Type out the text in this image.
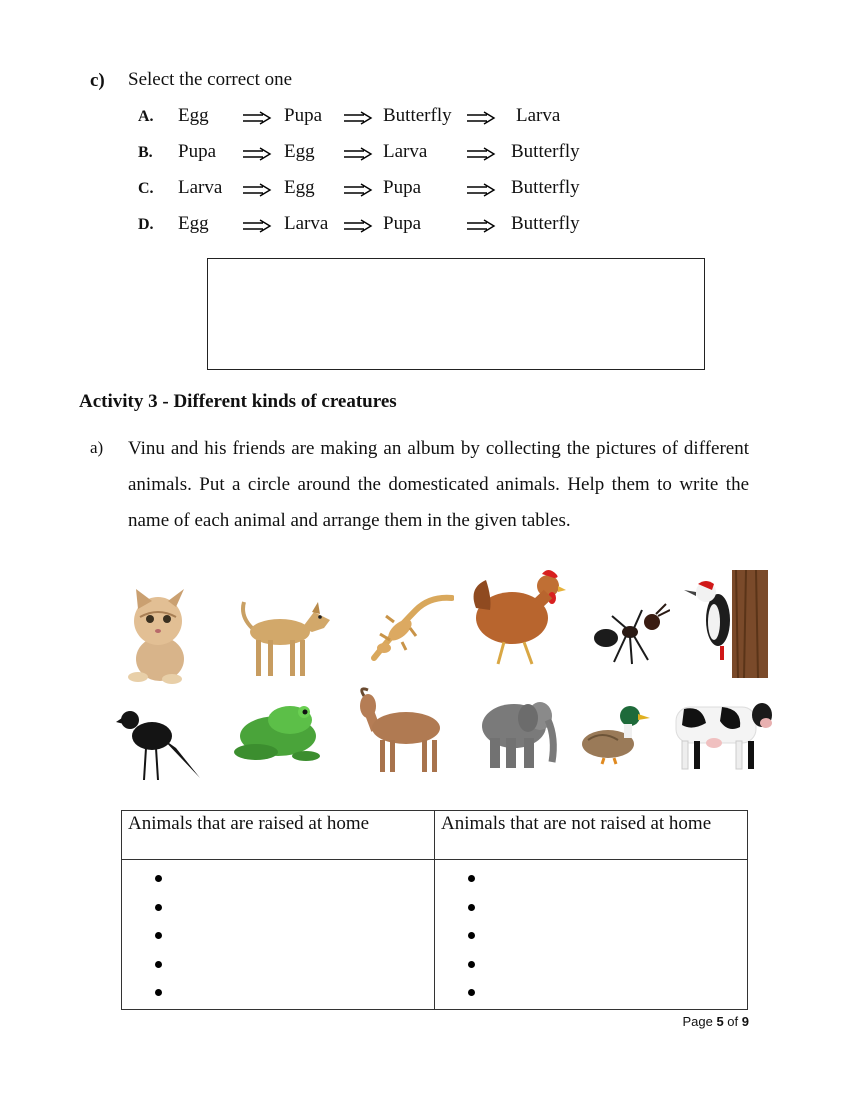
c) Select the correct one
A. Egg	Pupa	Butterfly	Larva
B. Pupa	Egg	Larva	Butterfly
C. Larva	Egg	Pupa	Butterfly
D. Egg	Larva	Pupa	Butterfly
Activity 3 - Different kinds of creatures
a) Vinu and his friends are making an album by collecting the pictures of different animals. Put a circle around the domesticated animals. Help them to write the name of each animal and arrange them in the given tables.
Animals that are raised at home	Animals that are not raised at home

Page 5 of 9
